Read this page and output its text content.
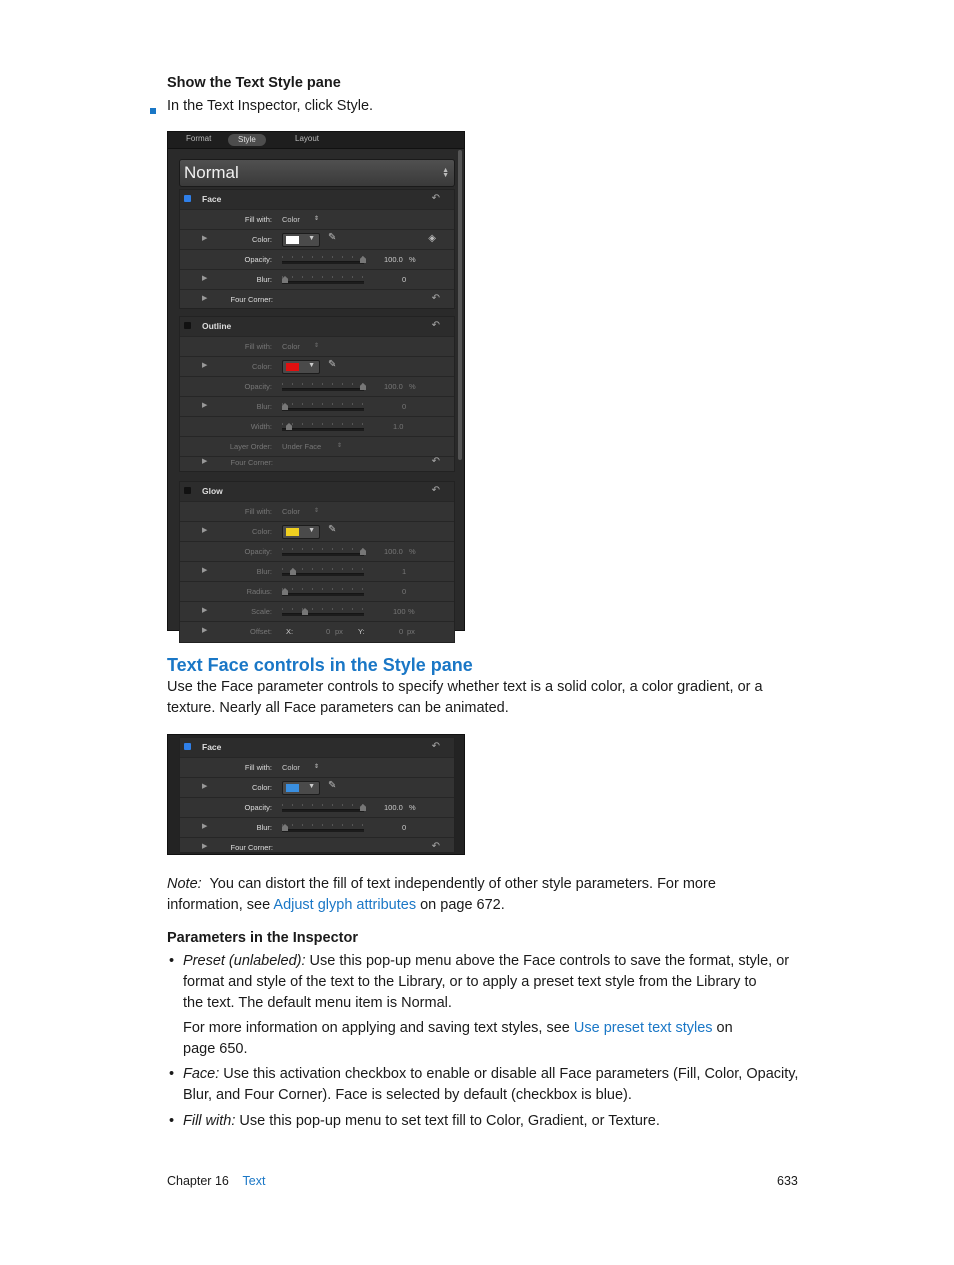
Show the Text Style pane
In the Text Inspector, click Style.
Format	Style	Layout
Normal	▲
▼
Face	↶
Fill with: Color ⇕
▶	Color:	▼ ✎	◈
Opacity:	100.0 %
▶	Blur:	0
▶	Four Corner:	↶
Outline	↶
Fill with: Color ⇕
▶	Color:	▼ ✎
Opacity:	100.0 %
▶	Blur:	0
Width:	1.0
Layer Order: Under Face	⇕
▶	Four Corner:	↶
Glow	↶
Fill with: Color ⇕
▶	Color:	▼ ✎
Opacity:	100.0 %
▶	Blur:	1
Radius:	0
▶	Scale:	100 %
▶	Offset: X:	0 px Y:	0 px
Text Face controls in the Style pane
Use the Face parameter controls to specify whether text is a solid color, a color gradient, or a
texture. Nearly all Face parameters can be animated.
Face	↶
Fill with: Color ⇕
▶	Color:	▼ ✎
Opacity:	100.0 %
▶	Blur:	0
▶	Four Corner:	↶
Note: You can distort the fill of text independently of other style parameters. For more
information, see Adjust glyph attributes on page 672.
Parameters in the Inspector
• Preset (unlabeled): Use this pop-up menu above the Face controls to save the format, style, or
format and style of the text to the Library, or to apply a preset text style from the Library to
the text. The default menu item is Normal.
For more information on applying and saving text styles, see Use preset text styles on
page 650.
• Face: Use this activation checkbox to enable or disable all Face parameters (Fill, Color, Opacity,
Blur, and Four Corner). Face is selected by default (checkbox is blue).
• Fill with: Use this pop-up menu to set text fill to Color, Gradient, or Texture.
Chapter 16 Text	633
